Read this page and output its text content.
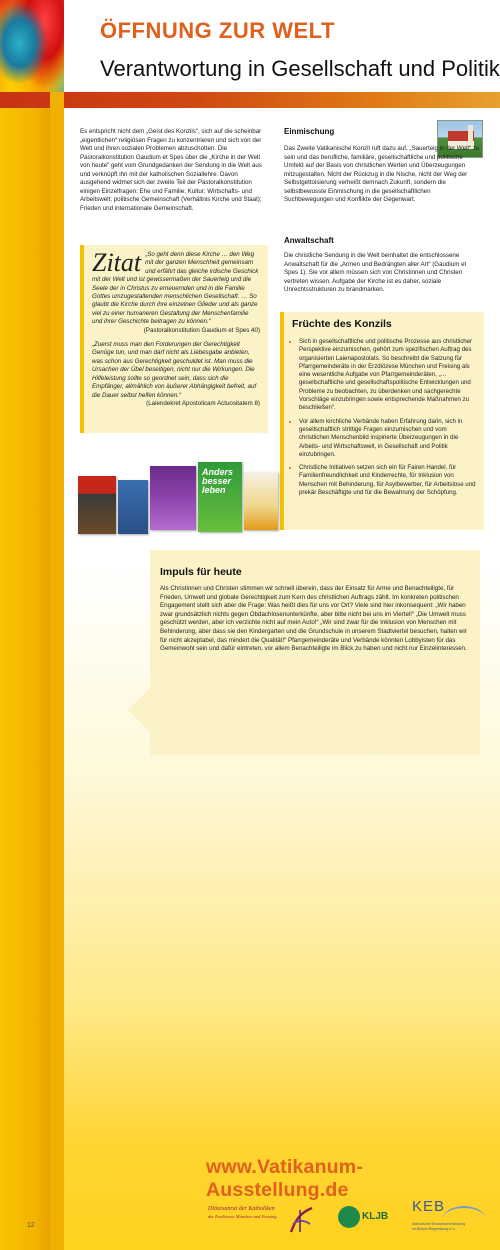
ÖFFNUNG ZUR WELT
Verantwortung in Gesellschaft und Politik

Es entspricht nicht dem „Geist des Konzils“, sich auf die scheinbar „eigentlichen“ religiösen Fragen zu konzentrieren und sich von der Welt und ihren sozialen Problemen abzuschotten. Die Pastoralkonstitution Gaudium et Spes über die „Kirche in der Welt von heute“ geht vom Grundgedanken der Sendung in die Welt aus und verknüpft ihn mit der katholischen Soziallehre. Davon ausgehend widmet sich der zweite Teil der Pastoralkonstitution einigen Einzelfragen: Ehe und Familie; Kultur; Wirtschafts- und Arbeitswelt; politische Gemeinschaft (Verhältnis Kirche und Staat); Frieden und internationale Gemeinschaft.

Zitat „So geht denn diese Kirche … den Weg mit der ganzen Menschheit gemeinsam und erfährt das gleiche irdische Geschick mit der Welt und ist gewissermaßen der Sauerteig und die Seele der in Christus zu erneuernden und in die Familie Gottes umzugestaltenden menschlichen Gesellschaft. … So glaubt die Kirche durch ihre einzelnen Glieder und als ganze viel zu einer humaneren Gestaltung der Menschenfamilie und ihrer Geschichte beitragen zu können.“

(Pastoralkonstitution Gaudium et Spes 40)

„Zuerst muss man den Forderungen der Gerechtigkeit Genüge tun, und man darf nicht als Liebesgabe anbieten, was schon aus Gerechtigkeit geschuldet ist. Man muss die Ursachen der Übel beseitigen, nicht nur die Wirkungen. Die Hilfeleistung sollte so geordnet sein, dass sich die Empfänger, allmählich von äußerer Abhängigkeit befreit, auf die Dauer selbst helfen können.“

(Laiendekret Apostolicam Actuositatem 8)

Einmischung

Das Zweite Vatikanische Konzil ruft dazu auf, „Sauerteig in der Welt“ zu sein und das berufliche, familiäre, gesellschaftliche und politische Umfeld auf der Basis von christlichen Werten und Überzeugungen mitzugestalten. Nicht der Rückzug in die Nische, nicht der Weg der Selbstgettoisierung verheißt demnach Zukunft, sondern die selbstbewusste Einmischung in die gesellschaftlichen Suchbewegungen und Konflikte der Gegenwart.

Anwaltschaft

Die christliche Sendung in die Welt beinhaltet die entschlossene Anwaltschaft für die „Armen und Bedrängten aller Art“ (Gaudium et Spes 1). Sie vor allem müssen sich von Christinnen und Christen vertreten wissen. Aufgabe der Kirche ist es daher, soziale Unrechtsstrukturen zu brandmarken.

Früchte des Konzils
• Sich in gesellschaftliche und politische Prozesse aus christlicher Perspektive einzumischen, gehört zum spezifischen Auftrag des organisierten Laienapostolats. So beschreibt die Satzung für Pfarrgemeinderäte in der Erzdiözese München und Freising als eine wesentliche Aufgabe von Pfarrgemeinderäten, „… gesellschaftliche und gesellschaftspolitische Entwicklungen und Probleme zu beobachten, zu überdenken und sachgerechte Vorschläge einzubringen sowie entsprechende Maßnahmen zu beschließen“.
• Vor allem kirchliche Verbände haben Erfahrung darin, sich in gesellschaftlich strittige Fragen einzumischen und vom christlichen Menschenbild inspirierte Überzeugungen in die Arbeits- und Wirtschaftswelt, in Gesellschaft und Politik einzubringen.
• Christliche Initiativen setzen sich ein für Fairen Handel, für Familienfreundlichkeit und Kinderrechte, für Inklusion von Menschen mit Behinderung, für Asylbewerber, für Arbeitslose und prekär Beschäftigte und für die Bewahrung der Schöpfung.
Anders besser leben
Impuls für heute

Als Christinnen und Christen stimmen wir schnell überein, dass der Einsatz für Arme und Benachteiligte, für Frieden, Umwelt und globale Gerechtigkeit zum Kern des christlichen Auftrags zählt. Im konkreten politischen Engagement stellt sich aber die Frage: Was heißt dies für uns vor Ort? Viele sind hier inkonsequent: „Wir haben zwar grundsätzlich nichts gegen Obdachlosenunterkünfte, aber bitte nicht bei uns im Viertel!“ „Die Umwelt muss geschützt werden, aber ich verzichte nicht auf mein Auto!“ „Wir sind zwar für die Inklusion von Menschen mit Behinderung, aber dass sie den Kindergarten und die Grundschule in unserem Stadtviertel besuchen, halten wir für nicht akzeptabel, das mindert die Qualität!“ Pfarrgemeinderäte und Verbände könnten Lobbyisten für das Gemeinwohl sein und dafür eintreten, vor allem Benachteiligte im Blick zu haben und nicht nur Einzelinteressen.

www.Vatikanum-Ausstellung.de
12
Diözesanrat der Katholiken
der Erzdiözese München und Freising	KLJB
KEB
Katholische Erwachsenenbildung
im Bistum Regensburg e.V.
